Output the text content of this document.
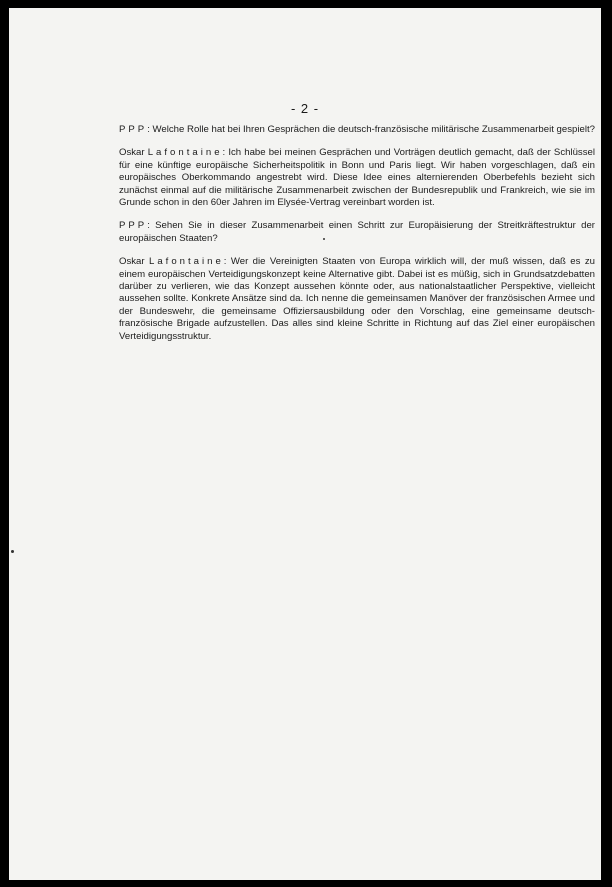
- 2 -

PPP: Welche Rolle hat bei Ihren Gesprächen die deutsch-französische militärische Zusammenarbeit gespielt?

Oskar Lafontaine: Ich habe bei meinen Gesprächen und Vorträgen deutlich gemacht, daß der Schlüssel für eine künftige europäische Sicherheitspolitik in Bonn und Paris liegt. Wir haben vorgeschlagen, daß ein europäisches Oberkommando angestrebt wird. Diese Idee eines alternierenden Oberbefehls bezieht sich zunächst einmal auf die militärische Zusammenarbeit zwischen der Bundesrepublik und Frankreich, wie sie im Grunde schon in den 60er Jahren im Elysée-Vertrag vereinbart worden ist.

PPP: Sehen Sie in dieser Zusammenarbeit einen Schritt zur Europäisierung der Streitkräftestruktur der europäischen Staaten?

Oskar Lafontaine: Wer die Vereinigten Staaten von Europa wirklich will, der muß wissen, daß es zu einem europäischen Verteidigungskonzept keine Alternative gibt. Dabei ist es müßig, sich in Grundsatzdebatten darüber zu verlieren, wie das Konzept aussehen könnte oder, aus nationalstaatlicher Perspektive, vielleicht aussehen sollte. Konkrete Ansätze sind da. Ich nenne die gemeinsamen Manöver der französischen Armee und der Bundeswehr, die gemeinsame Offiziersausbildung oder den Vorschlag, eine gemeinsame deutsch-französische Brigade aufzustellen. Das alles sind kleine Schritte in Richtung auf das Ziel einer europäischen Verteidigungsstruktur.
